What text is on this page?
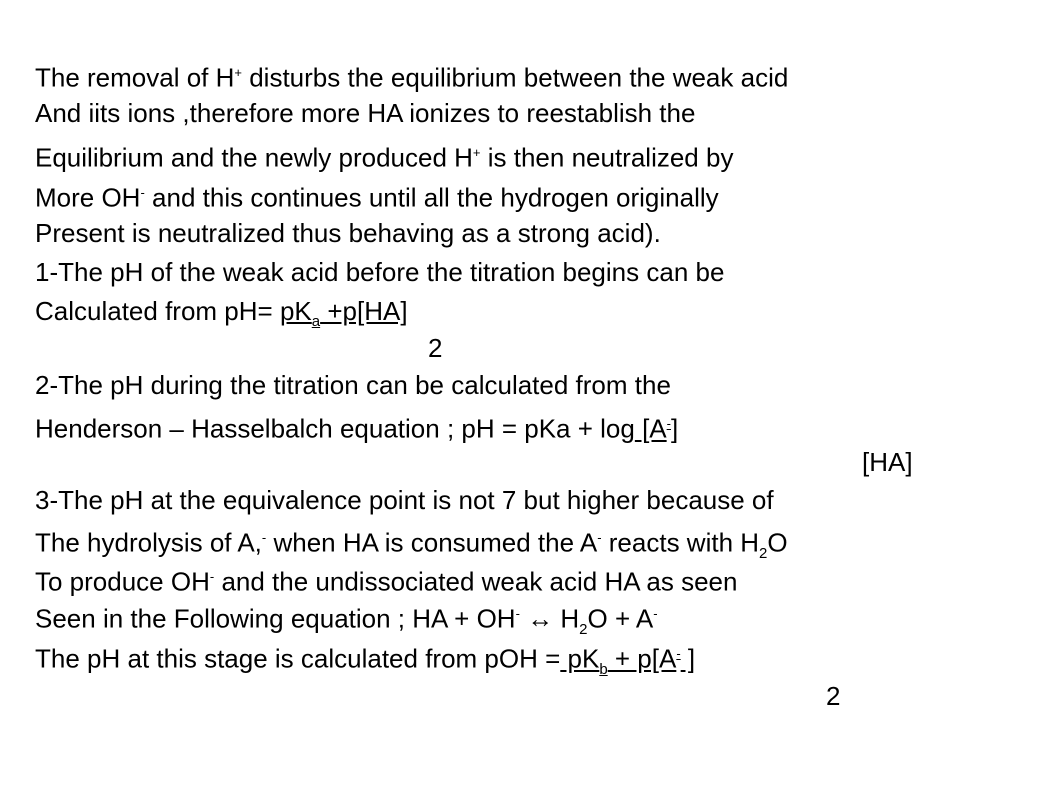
The removal of H+ disturbs the equilibrium between the weak acid
And iits ions ,therefore more HA ionizes to reestablish the
Equilibrium and the newly produced H+ is then neutralized by
More OH- and this continues until all the hydrogen originally
Present is neutralized thus behaving as a strong acid).
1-The pH of the weak acid before the titration begins can be
Calculated from $pH= pK_a +p[HA]$
2
2-The pH during the titration can be calculated from the
Henderson – Hasselbalch equation ; pH = pKa + log [A-]
[HA]
3-The pH at the equivalence point is not 7 but higher because of
The hydrolysis of A,- when HA is consumed the A- reacts with $H_2O$
To produce OH- and the undissociated weak acid HA as seen
Seen in the Following equation ; HA + OH- ↔ $H_2O + A^-$
The pH at this stage is calculated from pOH = $pK_b + p[A^-$ ]
2
